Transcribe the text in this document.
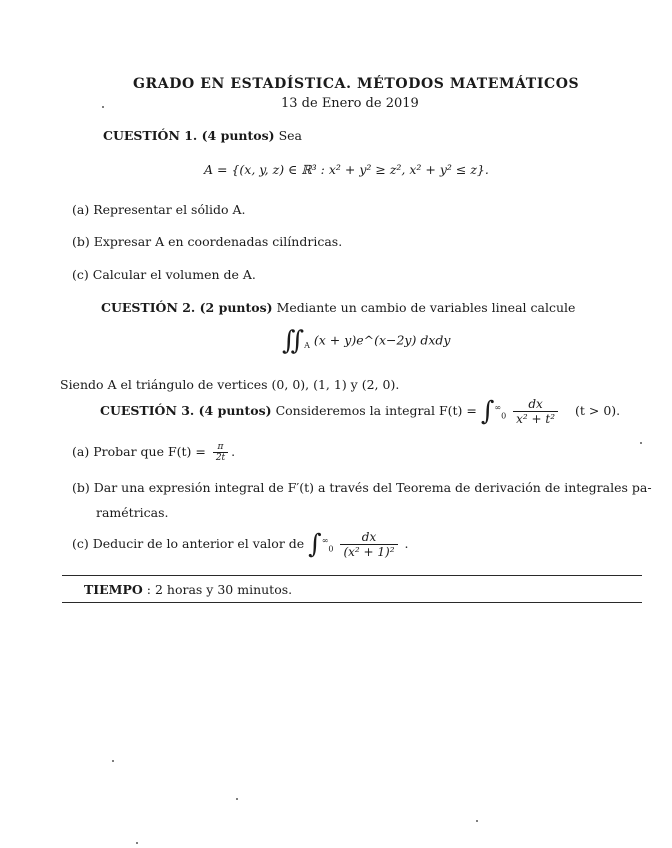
GRADO EN ESTADÍSTICA. MÉTODOS MATEMÁTICOS
13 de Enero de 2019
CUESTIÓN 1. (4 puntos) Sea
A = {(x, y, z) ∈ ℝ³ : x² + y² ≥ z², x² + y² ≤ z}.
(a) Representar el sólido A.
(b) Expresar A en coordenadas cilíndricas.
(c) Calcular el volumen de A.
CUESTIÓN 2. (2 puntos) Mediante un cambio de variables lineal calcule
$∬_A$ (x + y)e^(x−2y) dxdy
Siendo A el triángulo de vertices (0, 0), (1, 1) y (2, 0).
CUESTIÓN 3. (4 puntos) Consideremos la integral $F(t) = \int^\infty_0 \frac{dx}{\text{x² + t²}} (t > 0)$.
(a) Probar que $F(t) = \frac{\pi}{2t}$ .
(b) Dar una expresión integral de F′(t) a través del Teorema de derivación de integrales pa-
ramétricas.
(c) Deducir de lo anterior el valor de $\int^\infty_0 \frac{dx}{\text{(x² + 1)²}}$ .
TIEMPO : 2 horas y 30 minutos.
